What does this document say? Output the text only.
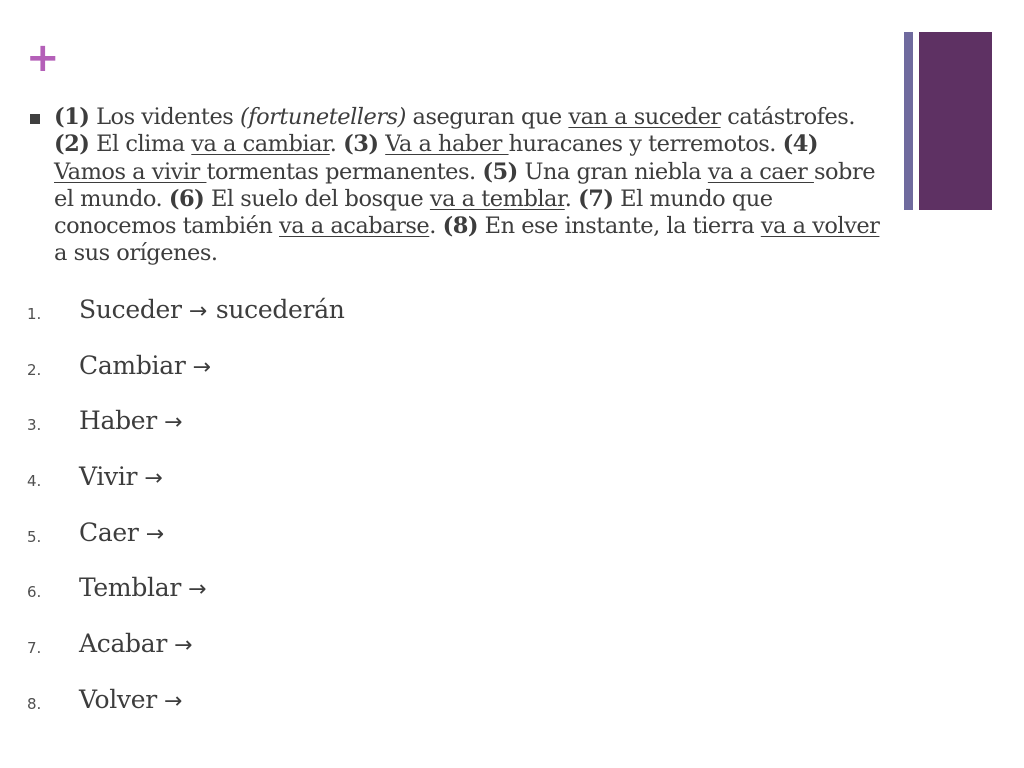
+
(1) Los videntes (fortunetellers) aseguran que van a suceder catástrofes. (2) El clima va a cambiar. (3) Va a haber huracanes y terremotos. (4) Vamos a vivir tormentas permanentes. (5) Una gran niebla va a caer sobre el mundo. (6) El suelo del bosque va a temblar. (7) El mundo que conocemos también va a acabarse. (8) En ese instante, la tierra va a volver a sus orígenes.
1. Suceder → sucederán
2. Cambiar →
3. Haber →
4. Vivir →
5. Caer →
6. Temblar →
7. Acabar →
8. Volver →
